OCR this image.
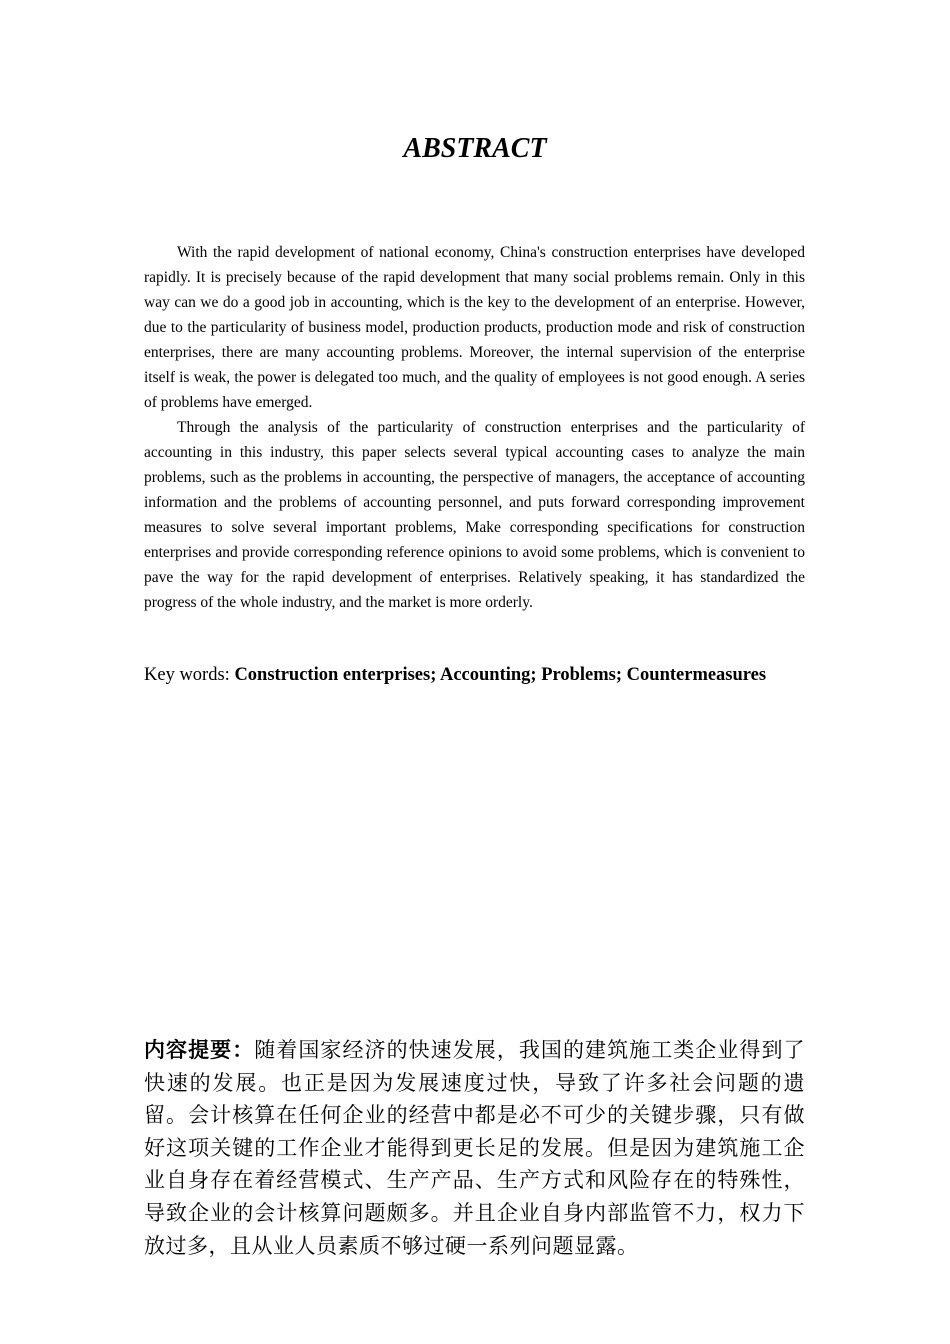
ABSTRACT

With the rapid development of national economy, China's construction enterprises have developed rapidly. It is precisely because of the rapid development that many social problems remain. Only in this way can we do a good job in accounting, which is the key to the development of an enterprise. However, due to the particularity of business model, production products, production mode and risk of construction enterprises, there are many accounting problems. Moreover, the internal supervision of the enterprise itself is weak, the power is delegated too much, and the quality of employees is not good enough. A series of problems have emerged.

Through the analysis of the particularity of construction enterprises and the particularity of accounting in this industry, this paper selects several typical accounting cases to analyze the main problems, such as the problems in accounting, the perspective of managers, the acceptance of accounting information and the problems of accounting personnel, and puts forward corresponding improvement measures to solve several important problems, Make corresponding specifications for construction enterprises and provide corresponding reference opinions to avoid some problems, which is convenient to pave the way for the rapid development of enterprises. Relatively speaking, it has standardized the progress of the whole industry, and the market is more orderly.

Key words: Construction enterprises; Accounting; Problems; Countermeasures
内容提要：随着国家经济的快速发展，我国的建筑施工类企业得到了快速的发展。也正是因为发展速度过快，导致了许多社会问题的遗留。会计核算在任何企业的经营中都是必不可少的关键步骤，只有做好这项关键的工作企业才能得到更长足的发展。但是因为建筑施工企业自身存在着经营模式、生产产品、生产方式和风险存在的特殊性，导致企业的会计核算问题颇多。并且企业自身内部监管不力，权力下放过多，且从业人员素质不够过硬一系列问题显露。
